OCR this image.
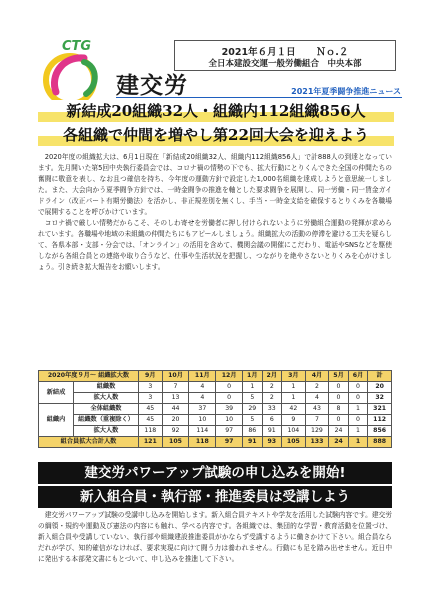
CTG	2021年６月１日 Ｎｏ.２
全日本建設交運一般労働組合　中央本部
建交労	2021年夏季闘争推進ニュース
新結成20組織32人・組織内112組織856人
各組織で仲間を増やし第22回大会を迎えよう

2020年度の組織拡大は、6月1日現在「新結成20組織32人、組織内112組織856人」で計888人の到達となっています。先月開いた第5回中央執行委員会では、コロナ禍の情勢の下でも、拡大行動にとりくんできた全国の仲間たちの奮闘に敬意を表し、なお且つ確信を持ち、今年度の運動方針で設定した1,000名組織を達成しようと意思統一しました。また、大会向かう夏季闘争方針では、一時金闘争の推進を軸とした要求闘争を展開し、同一労働・同一賃金ガイドライン（改正パート有期労働法）を活かし、非正規差別を無くし、手当・一時金支給を確保するとりくみを各職場で展開することを呼びかけています。

コロナ禍で厳しい情勢だからこそ、そのしわ寄せを労働者に押し付けられないように労働組合運動の発揮が求められています。各職場や地域の未組織の仲間たちにもアピールしましょう。組織拡大の活動の停滞を避ける工夫を疑らして、各県本部・支部・分会では、「オンライン」の活用を含めて、機関会議の開催にこだわり、電話やSNSなどを駆使しながら各組合員との連絡や取り合うなど、仕事や生活状況を把握し、つながりを絶やさないとりくみを心がけましょう。引き続き拡大報告をお願いします。

2020年度９月～ 組織拡大数		9月	10月	11月	12月	1月	2月	3月	4月	5月	6月	計
新結成	組織数	3	7	4	0	1	2	1	2	0	0	20
	拡大人数	3	13	4	0	5	2	1	4	0	0	32
組織内	全体組織数	45	44	37	39	29	33	42	43	8	1	321
	組織数（重複除く）	45	20	10	10	5	6	9	7	0	0	112
	拡大人数	118	92	114	97	86	91	104	129	24	1	856
組合員拡大合計人数		121	105	118	97	91	93	105	133	24	1	888
建交労パワーアップ試験の申し込みを開始!
新入組合員・執行部・推進委員は受講しよう

建交労パワーアップ試験の受講申し込みを開始します。新入組合員テキストや学友を活用した試験内容です。建交労の綱領・規約や運動及び憲法の内容にも触れ、学べる内容です。各組織では、集団的な学習・教育活動を位置づけ、新入組合員や受講していない、執行部や組織建設推進委員がかならず受講するように働きかけて下さい。組合員ならだれが学び、知的確信がなければ、要求実現に向けて闘う力は養われません。行動にも足を踏み出せません。近日中に発出する本部発文書にもとづいて、申し込みを推進して下さい。
